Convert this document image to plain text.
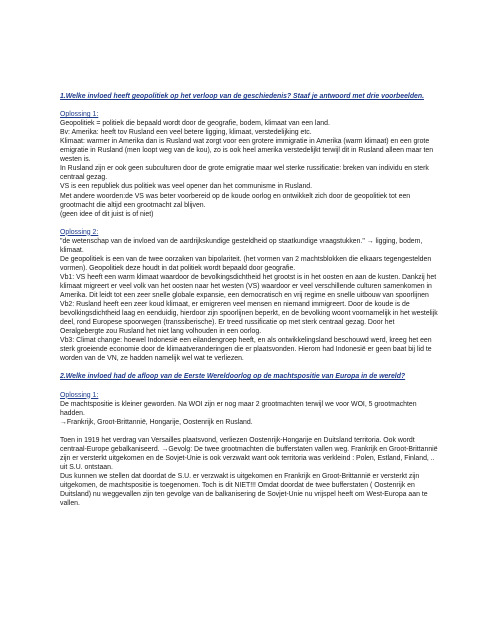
1.Welke invloed heeft geopolitiek op het verloop van de geschiedenis? Staaf je antwoord met drie voorbeelden.

Oplossing 1:

Geopolitiek = politiek die bepaald wordt door de geografie, bodem, klimaat van een land.

Bv: Amerika: heeft tov Rusland een veel betere ligging, klimaat, verstedelijking etc.

Klimaat: warmer in Amerika dan is Rusland wat zorgt voor een grotere immigratie in Amerika (warm klimaat) en een grote emigratie in Rusland (men loopt weg van de kou), zo is ook heel amerika verstedelijkt terwijl dit in Rusland alleen maar ten westen is.

In Rusland zijn er ook geen subculturen door de grote emigratie maar wel sterke russificatie: breken van individu en sterk centraal gezag.

VS is een republiek dus politiek was veel opener dan het communisme in Rusland.

Met andere woorden:de VS was beter voorbereid op de koude oorlog en ontwikkelt zich door de geopolitiek tot een grootmacht die altijd een grootmacht zal blijven.

(geen idee of dit juist is of niet)

Oplossing 2:

"de wetenschap van de invloed van de aardrijkskundige gesteldheid op staatkundige vraagstukken." → ligging, bodem, klimaat.

De geopolitiek is een van de twee oorzaken van bipolariteit. (het vormen van 2 machtsblokken die elkaars tegengestelden vormen). Geopolitiek deze houdt in dat politiek wordt bepaald door geografie.

Vb1: VS heeft een warm klimaat waardoor de bevolkingsdichtheid het grootst is in het oosten en aan de kusten. Dankzij het klimaat migreert er veel volk van het oosten naar het westen (VS) waardoor er veel verschillende culturen samenkomen in Amerika. Dit leidt tot een zeer snelle globale expansie, een democratisch en vrij regime en snelle uitbouw van spoorlijnen

Vb2: Rusland heeft een zeer koud klimaat, er emigreren veel mensen en niemand immigreert. Door de koude is de bevolkingsdichtheid laag en eenduidig, hierdoor zijn spoorlijnen beperkt, en de bevolking woont voornamelijk in het westelijk deel, rond Europese spoorwegen (transsiberische). Er treed russificatie op met sterk centraal gezag. Door het Oeralgebergte zou Rusland het niet lang volhouden in een oorlog.

Vb3: Climat change: hoewel Indonesië een eilandengroep heeft, en als ontwikkelingsland beschouwd werd, kreeg het een sterk groeiende economie door de klimaatveranderingen die er plaatsvonden. Hierom had Indonesië er geen baat bij lid te worden van de VN, ze hadden namelijk wel wat te verliezen.

2.Welke invloed had de afloop van de Eerste Wereldoorlog op de machtspositie van Europa in de wereld?

Oplossing 1:

De machtspositie is kleiner geworden. Na WOI zijn er nog maar 2 grootmachten terwijl we voor WOI, 5 grootmachten hadden.

→Frankrijk, Groot-Brittannië, Hongarije, Oostenrijk en Rusland.

Toen in 1919 het verdrag van Versailles plaatsvond, verliezen Oostenrijk-Hongarije en Duitsland territoria. Ook wordt centraal-Europe gebalkaniseerd. →Gevolg: De twee grootmachten die bufferstaten vallen weg. Frankrijk en Groot-Brittannië zijn er versterkt uitgekomen en de Sovjet-Unie is ook verzwakt want ook territoria was verkleind : Polen, Estland, Finland, .. uit S.U. ontstaan.

Dus kunnen we stellen dat doordat de S.U. er verzwakt is uitgekomen en Frankrijk en Groot-Brittannië er versterkt zijn uitgekomen, de machtspositie is toegenomen. Toch is dit NIET!!! Omdat doordat de twee bufferstaten ( Oostenrijk en Duitsland) nu weggevallen zijn ten gevolge van de balkanisering de Sovjet-Unie nu vrijspel heeft om West-Europa aan te vallen.
